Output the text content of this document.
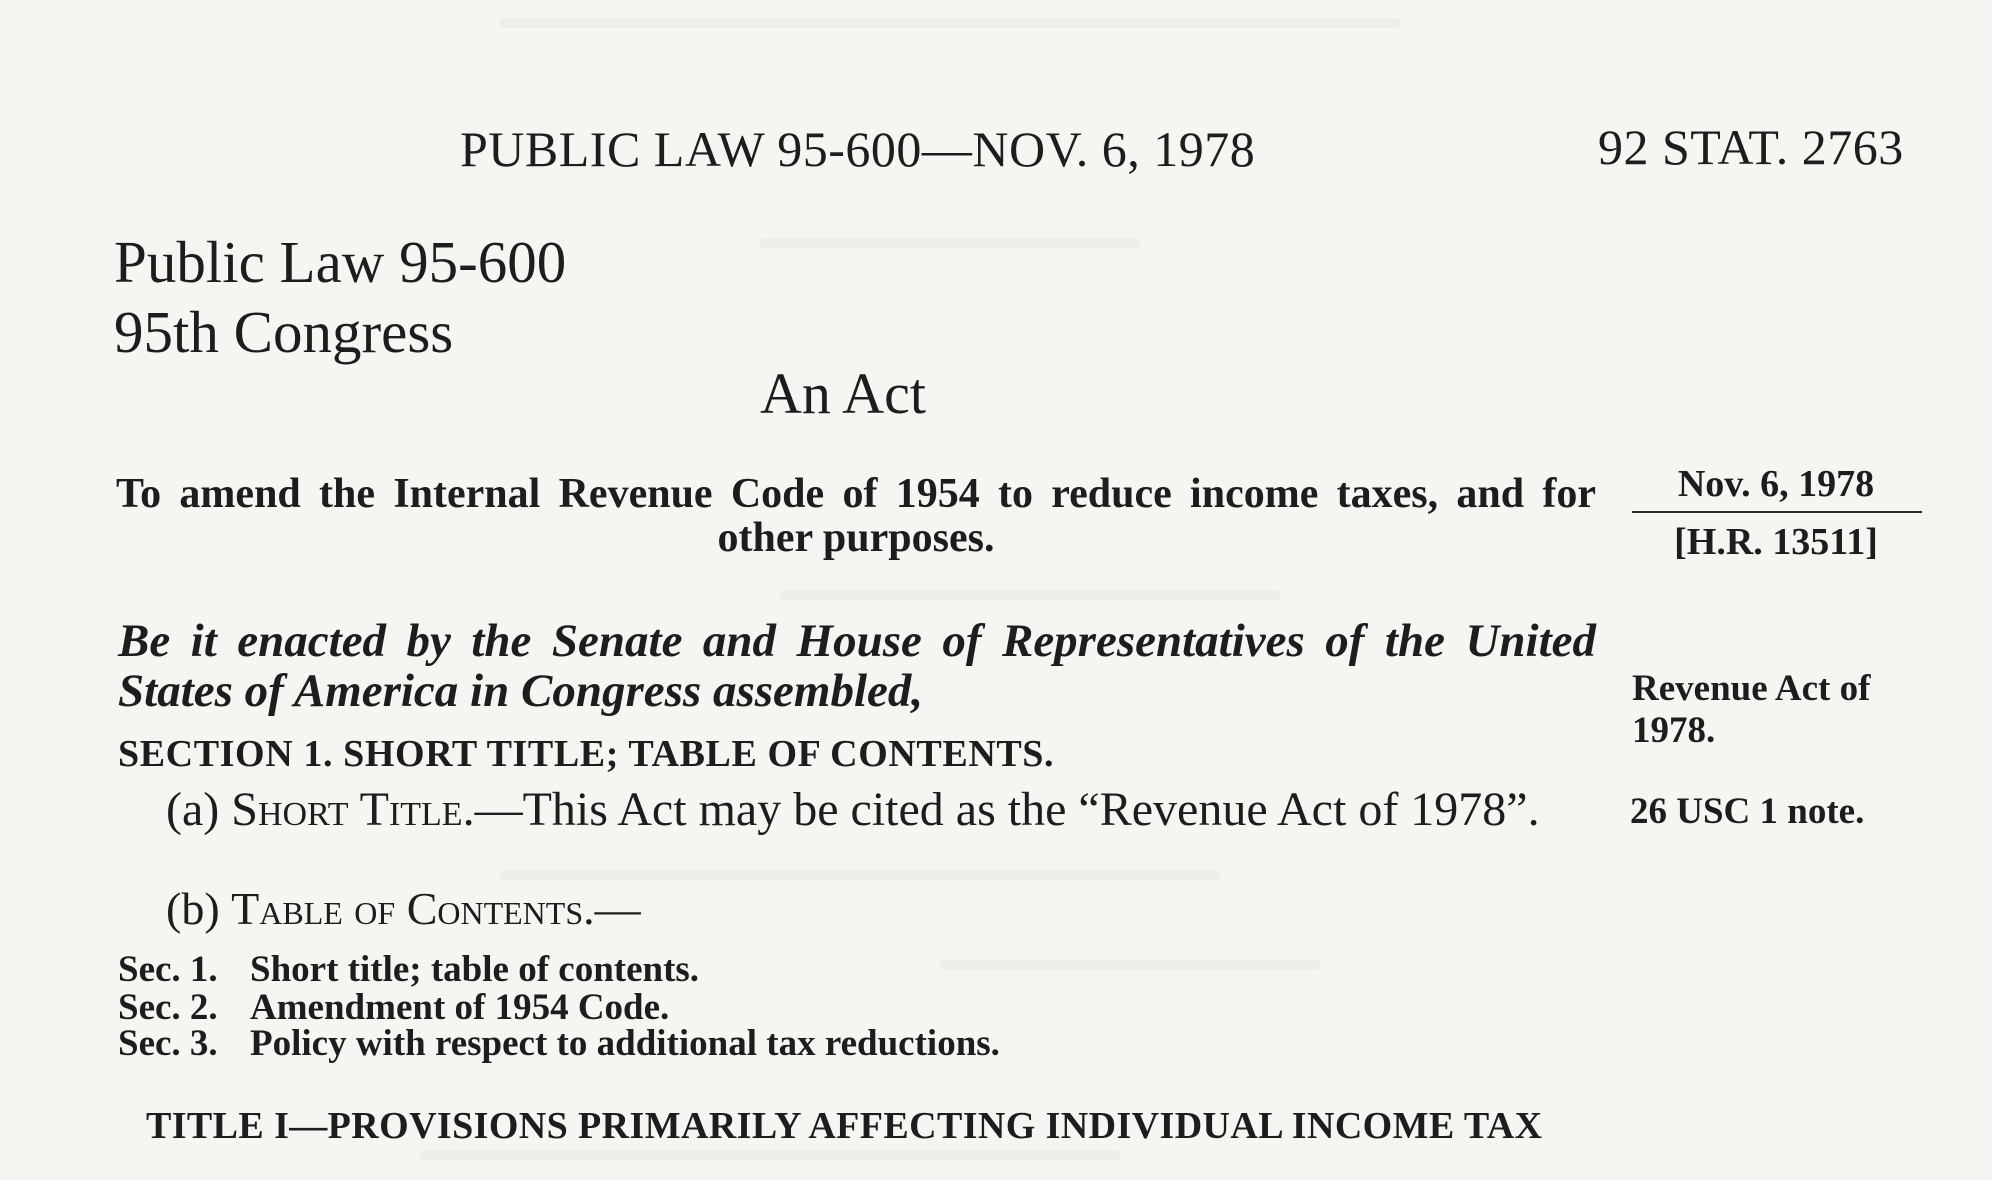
PUBLIC LAW 95-600—NOV. 6, 1978	92 STAT. 2763
Public Law 95-600
95th Congress
An Act
To amend the Internal Revenue Code of 1954 to reduce income taxes, and for other purposes.
Nov. 6, 1978
[H.R. 13511]
Be it enacted by the Senate and House of Representatives of the United States of America in Congress assembled,	Revenue Act of 1978.
SECTION 1. SHORT TITLE; TABLE OF CONTENTS.
(a) Short Title.—This Act may be cited as the “Revenue Act of 1978”.	26 USC 1 note.
(b) Table of Contents.—
Sec. 1. Short title; table of contents.
Sec. 2. Amendment of 1954 Code.
Sec. 3. Policy with respect to additional tax reductions.
TITLE I—PROVISIONS PRIMARILY AFFECTING INDIVIDUAL INCOME TAX
